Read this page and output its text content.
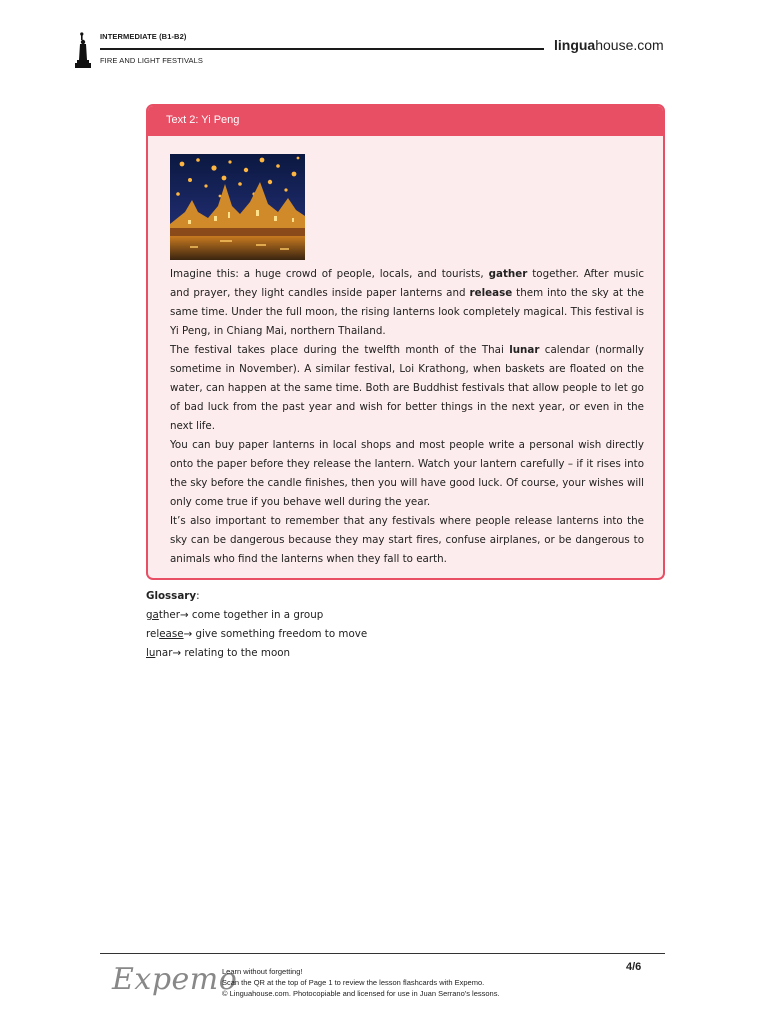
INTERMEDIATE (B1-B2)
FIRE AND LIGHT FESTIVALS
linguahouse.com
Text 2: Yi Peng

Imagine this: a huge crowd of people, locals, and tourists, gather together. After music and prayer, they light candles inside paper lanterns and release them into the sky at the same time. Under the full moon, the rising lanterns look completely magical. This festival is Yi Peng, in Chiang Mai, northern Thailand.

The festival takes place during the twelfth month of the Thai lunar calendar (normally sometime in November). A similar festival, Loi Krathong, when baskets are floated on the water, can happen at the same time. Both are Buddhist festivals that allow people to let go of bad luck from the past year and wish for better things in the next year, or even in the next life.

You can buy paper lanterns in local shops and most people write a personal wish directly onto the paper before they release the lantern. Watch your lantern carefully – if it rises into the sky before the candle finishes, then you will have good luck. Of course, your wishes will only come true if you behave well during the year.

It’s also important to remember that any festivals where people release lanterns into the sky can be dangerous because they may start fires, confuse airplanes, or be dangerous to animals who find the lanterns when they fall to earth.

Glossary:
gather→ come together in a group
release→ give something freedom to move
lunar→ relating to the moon
Expemo
Learn without forgetting!
Scan the QR at the top of Page 1 to review the lesson flashcards with Expemo.
© Linguahouse.com. Photocopiable and licensed for use in Juan Serrano's lessons.
4/6
